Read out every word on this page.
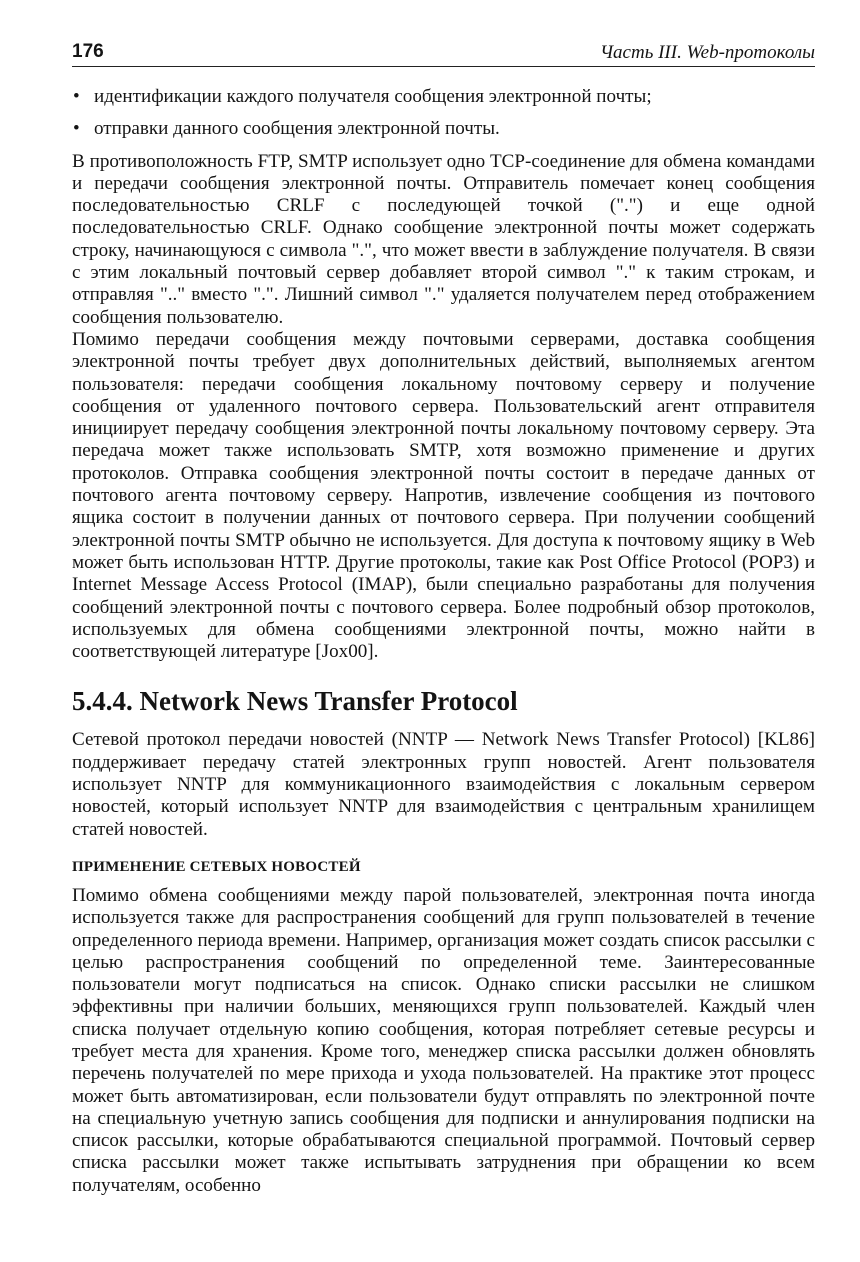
176	Часть III. Web-протоколы
• идентификации каждого получателя сообщения электронной почты;
• отправки данного сообщения электронной почты.

В противоположность FTP, SMTP использует одно TCP-соединение для обмена командами и передачи сообщения электронной почты. Отправитель помечает конец сообщения последовательностью CRLF с последующей точкой (".") и еще одной последовательностью CRLF. Однако сообщение электронной почты может содержать строку, начинающуюся с символа ".", что может ввести в заблуждение получателя. В связи с этим локальный почтовый сервер добавляет второй символ "." к таким строкам, и отправляя ".." вместо ".". Лишний символ "." удаляется получателем перед отображением сообщения пользователю.

Помимо передачи сообщения между почтовыми серверами, доставка сообщения электронной почты требует двух дополнительных действий, выполняемых агентом пользователя: передачи сообщения локальному почтовому серверу и получение сообщения от удаленного почтового сервера. Пользовательский агент отправителя инициирует передачу сообщения электронной почты локальному почтовому серверу. Эта передача может также использовать SMTP, хотя возможно применение и других протоколов. Отправка сообщения электронной почты состоит в передаче данных от почтового агента почтовому серверу. Напротив, извлечение сообщения из почтового ящика состоит в получении данных от почтового сервера. При получении сообщений электронной почты SMTP обычно не используется. Для доступа к почтовому ящику в Web может быть использован HTTP. Другие протоколы, такие как Post Office Protocol (POP3) и Internet Message Access Protocol (IMAP), были специально разработаны для получения сообщений электронной почты с почтового сервера. Более подробный обзор протоколов, используемых для обмена сообщениями электронной почты, можно найти в соответствующей литературе [Jox00].

5.4.4. Network News Transfer Protocol

Сетевой протокол передачи новостей (NNTP — Network News Transfer Protocol) [KL86] поддерживает передачу статей электронных групп новостей. Агент пользователя использует NNTP для коммуникационного взаимодействия с локальным сервером новостей, который использует NNTP для взаимодействия с центральным хранилищем статей новостей.

ПРИМЕНЕНИЕ СЕТЕВЫХ НОВОСТЕЙ

Помимо обмена сообщениями между парой пользователей, электронная почта иногда используется также для распространения сообщений для групп пользователей в течение определенного периода времени. Например, организация может создать список рассылки с целью распространения сообщений по определенной теме. Заинтересованные пользователи могут подписаться на список. Однако списки рассылки не слишком эффективны при наличии больших, меняющихся групп пользователей. Каждый член списка получает отдельную копию сообщения, которая потребляет сетевые ресурсы и требует места для хранения. Кроме того, менеджер списка рассылки должен обновлять перечень получателей по мере прихода и ухода пользователей. На практике этот процесс может быть автоматизирован, если пользователи будут отправлять по электронной почте на специальную учетную запись сообщения для подписки и аннулирования подписки на список рассылки, которые обрабатываются специальной программой. Почтовый сервер списка рассылки может также испытывать затруднения при обращении ко всем получателям, особенно
